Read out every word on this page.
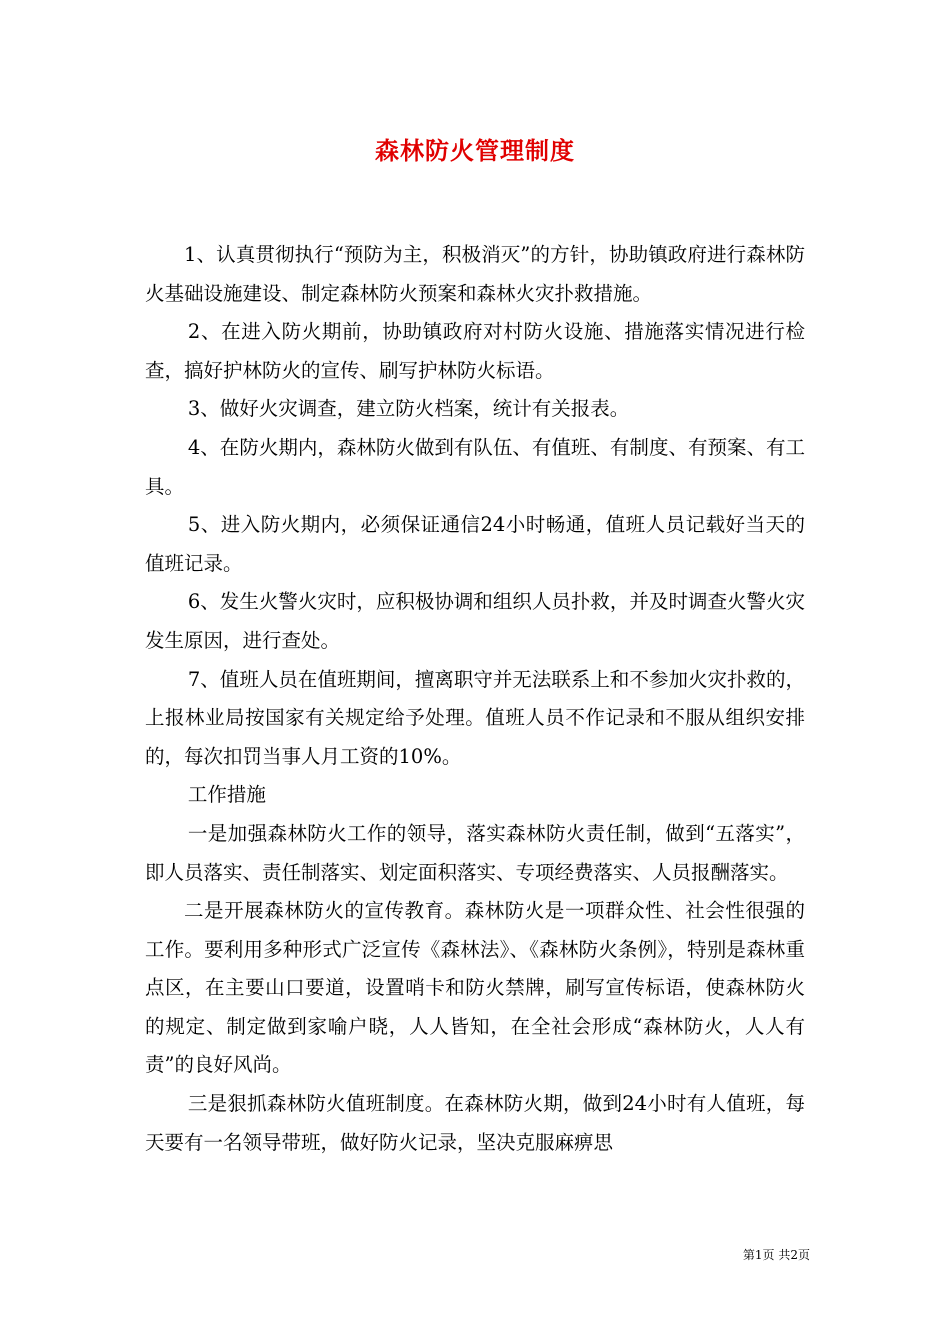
森林防火管理制度

1、认真贯彻执行“预防为主，积极消灭”的方针，协助镇政府进行森林防火基础设施建设、制定森林防火预案和森林火灾扑救措施。

2、在进入防火期前，协助镇政府对村防火设施、措施落实情况进行检查，搞好护林防火的宣传、刷写护林防火标语。

3、做好火灾调查，建立防火档案，统计有关报表。

4、在防火期内，森林防火做到有队伍、有值班、有制度、有预案、有工具。

5、进入防火期内，必须保证通信24小时畅通，值班人员记载好当天的值班记录。

6、发生火警火灾时，应积极协调和组织人员扑救，并及时调查火警火灾发生原因，进行查处。

7、值班人员在值班期间，擅离职守并无法联系上和不参加火灾扑救的，上报林业局按国家有关规定给予处理。值班人员不作记录和不服从组织安排的，每次扣罚当事人月工资的10%。

工作措施

一是加强森林防火工作的领导，落实森林防火责任制，做到“五落实”，即人员落实、责任制落实、划定面积落实、专项经费落实、人员报酬落实。

二是开展森林防火的宣传教育。森林防火是一项群众性、社会性很强的工作。要利用多种形式广泛宣传《森林法》、《森林防火条例》，特别是森林重点区，在主要山口要道，设置哨卡和防火禁牌，刷写宣传标语，使森林防火的规定、制定做到家喻户晓，人人皆知，在全社会形成“森林防火，人人有责”的良好风尚。

三是狠抓森林防火值班制度。在森林防火期，做到24小时有人值班，每天要有一名领导带班，做好防火记录，坚决克服麻痹思

第1页 共2页
